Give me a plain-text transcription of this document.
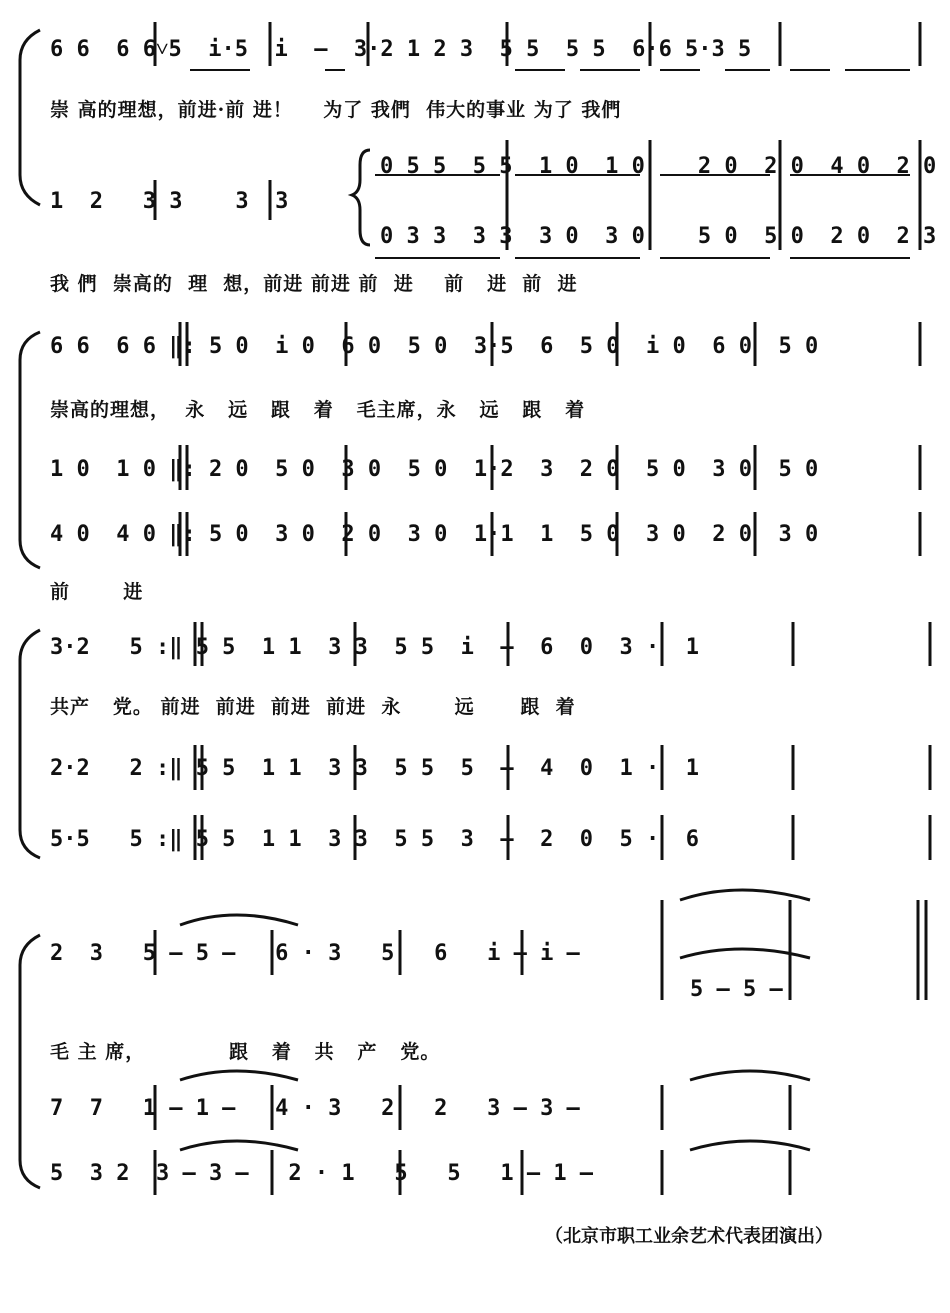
6 6  6 6˅5  i·5  i  —  3·2 1 2 3  5 5  5 5  6·6 5·3 5
崇 高的理想，前进·前 进！    为了 我們  伟大的事业 为了 我們
0 5 5  5 5  1 0  1 0    2 0  2 0  4 0  2 0
1  2   3 3    3  3
0 3 3  3 3  3 0  3 0    5 0  5 0  2 0  2 3
我 們  崇高的  理  想，前进 前进 前  进    前   进  前  进
6 6  6 6 ‖: 5 0  i 0  6 0  5 0  3·5  6  5 0  i 0  6 0  5 0
崇高的理想，  永   远   跟   着   毛主席，永   远   跟   着
1 0  1 0 ‖: 2 0  5 0  3 0  5 0  1·2  3  2 0  5 0  3 0  5 0
4 0  4 0 ‖: 5 0  3 0  2 0  3 0  1·1  1  5 0  3 0  2 0  3 0
前       进
3·2   5 :‖ 5 5  1 1  3 3  5 5  i  —  6  0  3 ·  1
共产   党。 前进  前进  前进  前进  永       远      跟  着
2·2   2 :‖ 5 5  1 1  3 3  5 5  5  —  4  0  1 ·  1
5·5   5 :‖ 5 5  1 1  3 3  5 5  3  —  2  0  5 ·  6
2  3   5 — 5 —   6 · 3   5   6   i — i —
5 — 5 —
毛 主 席，           跟   着   共   产   党。
7  7   1 — 1 —   4 · 3   2   2   3 — 3 —
5  3 2  3 — 3 —   2 · 1   5   5   1 — 1 —
（北京市职工业余艺术代表团演出）
